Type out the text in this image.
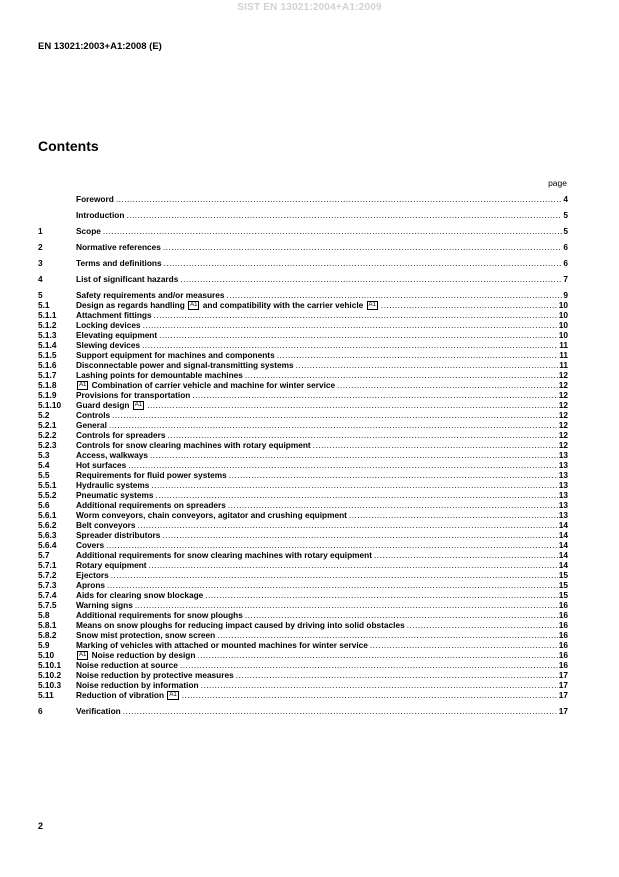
SIST EN 13021:2004+A1:2009
EN 13021:2003+A1:2008 (E)
Contents
page
Foreword .....	4
Introduction .....	5
1	Scope .....	5
2	Normative references .....	6
3	Terms and definitions .....	6
4	List of significant hazards .....	7
5	Safety requirements and/or measures .....	9
5.1	Design as regards handling A1 and compatibility with the carrier vehicle A1 .....	10
5.1.1	Attachment fittings .....	10
5.1.2	Locking devices .....	10
5.1.3	Elevating equipment .....	10
5.1.4	Slewing devices .....	11
5.1.5	Support equipment for machines and components .....	11
5.1.6	Disconnectable power and signal-transmitting systems .....	11
5.1.7	Lashing points for demountable machines .....	12
5.1.8	A1 Combination of carrier vehicle and machine for winter service .....	12
5.1.9	Provisions for transportation .....	12
5.1.10	Guard design A1 .....	12
5.2	Controls .....	12
5.2.1	General .....	12
5.2.2	Controls for spreaders .....	12
5.2.3	Controls for snow clearing machines with rotary equipment .....	12
5.3	Access, walkways .....	13
5.4	Hot surfaces .....	13
5.5	Requirements for fluid power systems .....	13
5.5.1	Hydraulic systems .....	13
5.5.2	Pneumatic systems .....	13
5.6	Additional requirements on spreaders .....	13
5.6.1	Worm conveyors, chain conveyors, agitator and crushing equipment .....	13
5.6.2	Belt conveyors .....	14
5.6.3	Spreader distributors .....	14
5.6.4	Covers .....	14
5.7	Additional requirements for snow clearing machines with rotary equipment .....	14
5.7.1	Rotary equipment .....	14
5.7.2	Ejectors .....	15
5.7.3	Aprons .....	15
5.7.4	Aids for clearing snow blockage .....	15
5.7.5	Warning signs .....	16
5.8	Additional requirements for snow ploughs .....	16
5.8.1	Means on snow ploughs for reducing impact caused by driving into solid obstacles .....	16
5.8.2	Snow mist protection, snow screen .....	16
5.9	Marking of vehicles with attached or mounted machines for winter service .....	16
5.10	A1 Noise reduction by design .....	16
5.10.1	Noise reduction at source .....	16
5.10.2	Noise reduction by protective measures .....	17
5.10.3	Noise reduction by information .....	17
5.11	Reduction of vibration A1 .....	17
6	Verification .....	17
2
